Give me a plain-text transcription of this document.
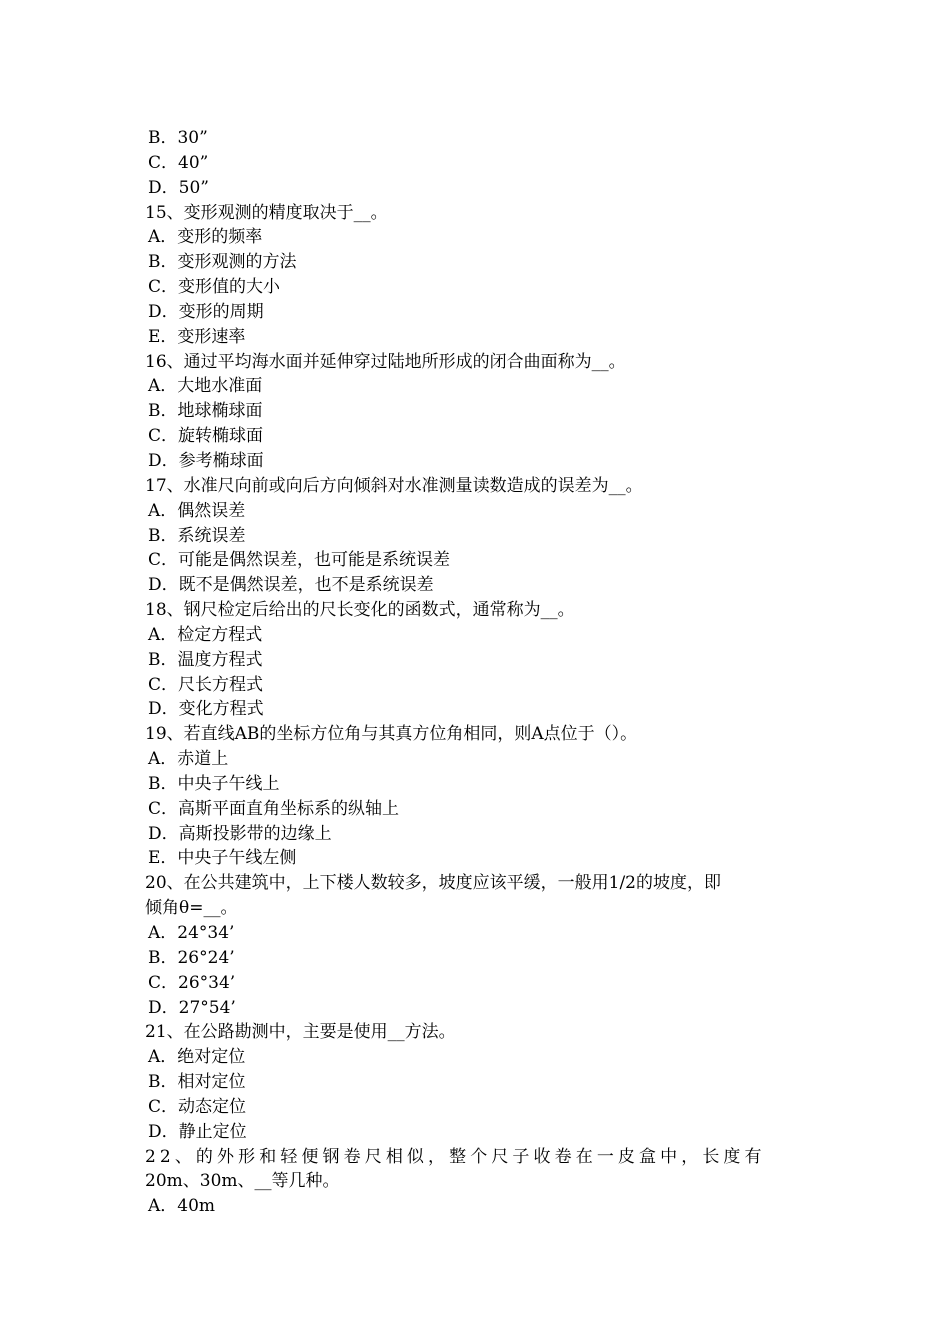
B．30”
C．40”
D．50”
15、变形观测的精度取决于__。
A．变形的频率
B．变形观测的方法
C．变形值的大小
D．变形的周期
E．变形速率
16、通过平均海水面并延伸穿过陆地所形成的闭合曲面称为__。
A．大地水准面
B．地球椭球面
C．旋转椭球面
D．参考椭球面
17、水准尺向前或向后方向倾斜对水准测量读数造成的误差为__。
A．偶然误差
B．系统误差
C．可能是偶然误差，也可能是系统误差
D．既不是偶然误差，也不是系统误差
18、钢尺检定后给出的尺长变化的函数式，通常称为__。
A．检定方程式
B．温度方程式
C．尺长方程式
D．变化方程式
19、若直线AB的坐标方位角与其真方位角相同，则A点位于（）。
A．赤道上
B．中央子午线上
C．高斯平面直角坐标系的纵轴上
D．高斯投影带的边缘上
E．中央子午线左侧
20、在公共建筑中，上下楼人数较多，坡度应该平缓，一般用1/2的坡度，即
倾角θ=__。
A．24°34’
B．26°24’
C．26°34’
D．27°54’
21、在公路勘测中，主要是使用__方法。
A．绝对定位
B．相对定位
C．动态定位
D．静止定位
22、的外形和轻便钢卷尺相似，整个尺子收卷在一皮盒中，长度有
20m、30m、__等几种。
A．40m
